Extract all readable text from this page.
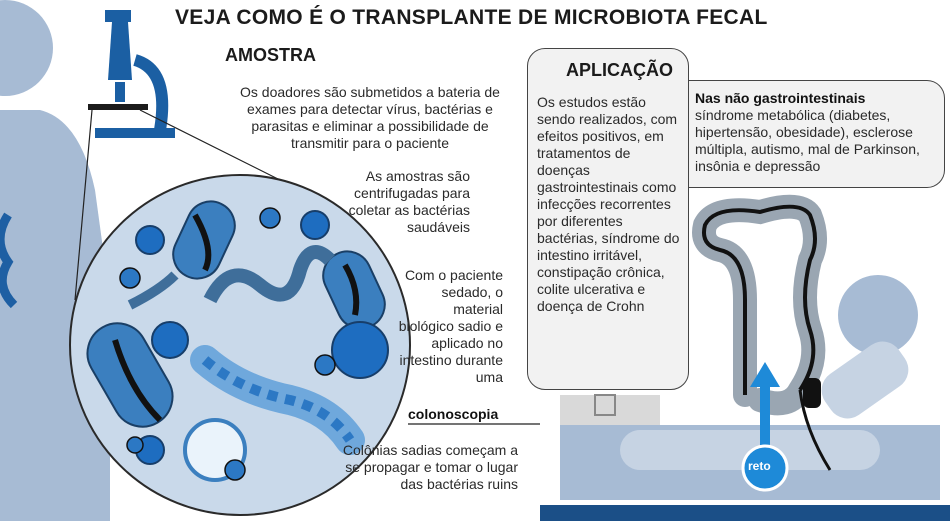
VEJA COMO É O TRANSPLANTE DE MICROBIOTA FECAL
AMOSTRA
Os doadores são submetidos a bateria de exames para detectar vírus, bactérias e parasitas e eliminar a possibilidade de transmitir para o paciente
As amostras são centrifugadas para coletar as bactérias saudáveis
Com o paciente sedado, o material biológico sadio e aplicado no intestino durante uma
colonoscopia
Colônias sadias começam a se propagar e tomar o lugar das bactérias ruins
APLICAÇÃO
Os estudos estão sendo realizados, com efeitos positivos, em tratamentos de doenças gastrointestinais como infecções recorrentes por diferentes bactérias, síndrome do intestino irritável, constipação crônica, colite ulcerativa e doença de Crohn
Nas não gastrointestinais
síndrome metabólica (diabetes, hipertensão, obesidade), esclerose múltipla, autismo, mal de Parkinson, insônia e depressão
reto
